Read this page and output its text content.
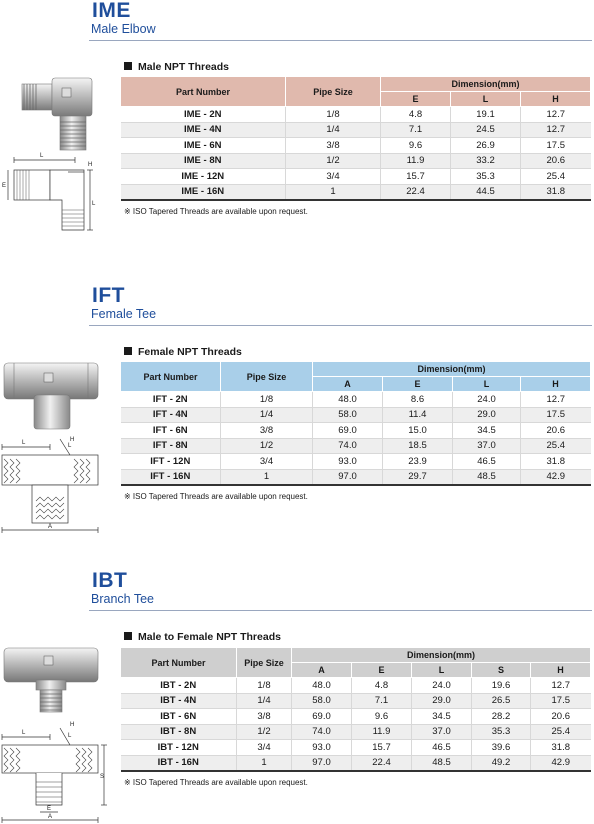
IME
Male Elbow
L
H
E
L
Male NPT Threads
Part Number	Pipe Size	Dimension(mm)		
		E	L	H
IME - 2N	1/8	4.8	19.1	12.7
IME - 4N	1/4	7.1	24.5	12.7
IME - 6N	3/8	9.6	26.9	17.5
IME - 8N	1/2	11.9	33.2	20.6
IME - 12N	3/4	15.7	35.3	25.4
IME - 16N	1	22.4	44.5	31.8
※ ISO Tapered Threads are available upon request.
IFT
Female Tee
H
L	L
A
Female NPT Threads
Part Number	Pipe Size	Dimension(mm)			
		A	E	L	H
IFT - 2N	1/8	48.0	8.6	24.0	12.7
IFT - 4N	1/4	58.0	11.4	29.0	17.5
IFT - 6N	3/8	69.0	15.0	34.5	20.6
IFT - 8N	1/2	74.0	18.5	37.0	25.4
IFT - 12N	3/4	93.0	23.9	46.5	31.8
IFT - 16N	1	97.0	29.7	48.5	42.9
※ ISO Tapered Threads are available upon request.
IBT
Branch Tee
H
L	L
S
E
A
Male to Female NPT Threads
Part Number	Pipe Size	Dimension(mm)				
		A	E	L	S	H
IBT - 2N	1/8	48.0	4.8	24.0	19.6	12.7
IBT - 4N	1/4	58.0	7.1	29.0	26.5	17.5
IBT - 6N	3/8	69.0	9.6	34.5	28.2	20.6
IBT - 8N	1/2	74.0	11.9	37.0	35.3	25.4
IBT - 12N	3/4	93.0	15.7	46.5	39.6	31.8
IBT - 16N	1	97.0	22.4	48.5	49.2	42.9
※ ISO Tapered Threads are available upon request.
